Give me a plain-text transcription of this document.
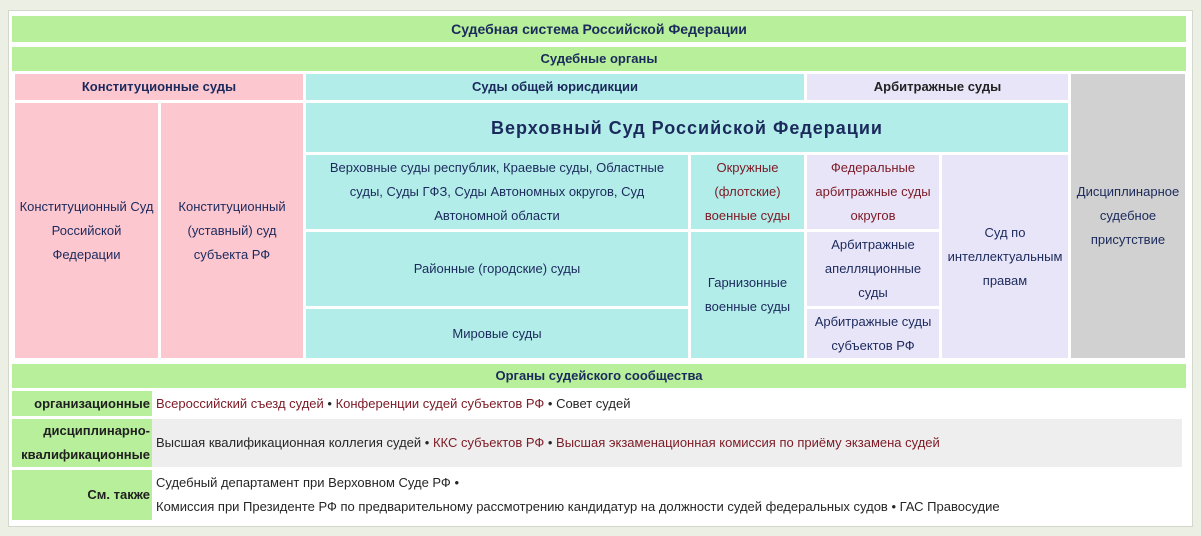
Судебная система Российской Федерации
Судебные органы
Конституционные суды	Суды общей юрисдикции	Арбитражные суды
Конституционный Суд Российской Федерации
Конституционный (уставный) суд субъекта РФ
Верховный Суд Российской Федерации
Верховные суды республик, Краевые суды, Областные суды, Суды ГФЗ, Суды Автономных округов, Суд Автономной области
Окружные (флотские) военные суды
Федеральные арбитражные суды округов
Суд по интеллектуальным правам
Дисциплинарное судебное присутствие
Районные (городские) суды
Гарнизонные военные суды
Арбитражные апелляционные суды
Мировые суды
Арбитражные суды субъектов РФ
Органы судейского сообщества
организационные
дисциплинарно-квалификационные
См. также
Всероссийский съезд судей • Конференции судей субъектов РФ • Совет судей
Высшая квалификационная коллегия судей • ККС субъектов РФ • Высшая экзаменационная комиссия по приёму экзамена судей
Судебный департамент при Верховном Суде РФ •
Комиссия при Президенте РФ по предварительному рассмотрению кандидатур на должности судей федеральных судов • ГАС Правосудие
